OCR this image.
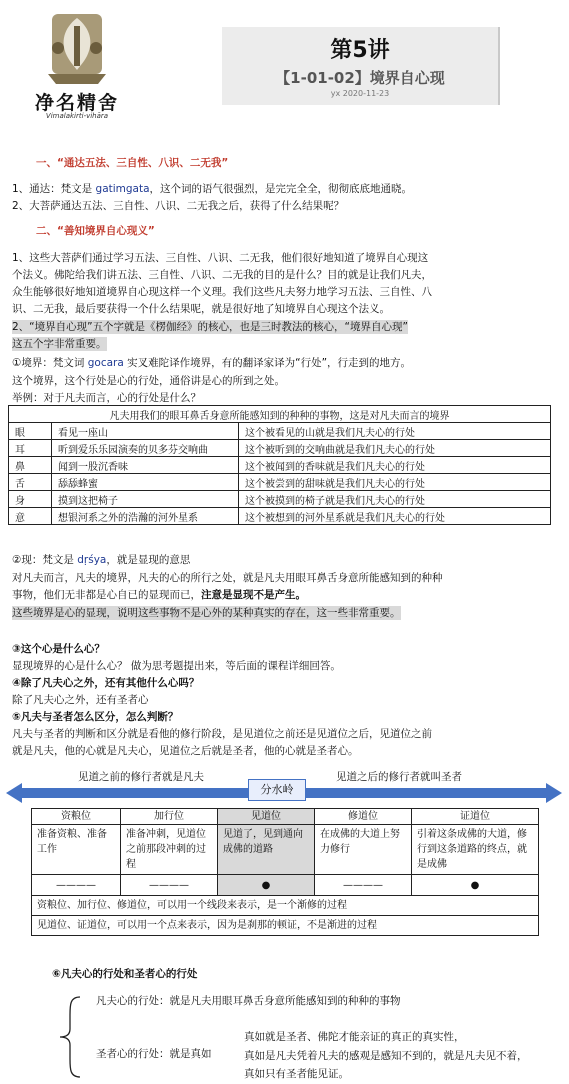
净名精舍
Vimalakirti-vihāra
第5讲
【1-01-02】境界自心现
yx 2020-11-23
一、“通达五法、三自性、八识、二无我”
1、通达：梵文是 gatimgata，这个词的语气很强烈，是完完全全，彻彻底底地通晓。
2、大菩萨通达五法、三自性、八识、二无我之后，获得了什么结果呢？
二、“善知境界自心现义”
1、这些大菩萨们通过学习五法、三自性、八识、二无我，他们很好地知道了境界自心现这
个法义。佛陀给我们讲五法、三自性、八识、二无我的目的是什么？目的就是让我们凡夫，
众生能够很好地知道境界自心现这样一个义理。我们这些凡夫努力地学习五法、三自性、八
识、二无我，最后要获得一个什么结果呢，就是很好地了知境界自心现这个法义。
2、“境界自心现”五个字就是《楞伽经》的核心，也是三时教法的核心，“境界自心现”
这五个字非常重要。
①境界：梵文词 gocara 实叉难陀译作境界，有的翻译家译为“行处”，行走到的地方。
这个境界，这个行处是心的行处，通俗讲是心的所到之处。
举例：对于凡夫而言，心的行处是什么？
凡夫用我们的眼耳鼻舌身意所能感知到的种种的事物，这是对凡夫而言的境界		
眼	看见一座山	这个被看见的山就是我们凡夫心的行处
耳	听到爱乐乐园演奏的贝多芬交响曲	这个被听到的交响曲就是我们凡夫心的行处
鼻	闻到一股沉香味	这个被闻到的香味就是我们凡夫心的行处
舌	舔舔蜂蜜	这个被尝到的甜味就是我们凡夫心的行处
身	摸到这把椅子	这个被摸到的椅子就是我们凡夫心的行处
意	想银河系之外的浩瀚的河外星系	这个被想到的河外星系就是我们凡夫心的行处
②现：梵文是 dṛśya，就是显现的意思
对凡夫而言，凡夫的境界，凡夫的心的所行之处，就是凡夫用眼耳鼻舌身意所能感知到的种种
事物，他们无非都是心自已的显现而已，注意是显现不是产生。
这些境界是心的显现，说明这些事物不是心外的某种真实的存在，这一些非常重要。
③这个心是什么心？
显现境界的心是什么心？ 做为思考题提出来，等后面的课程详细回答。
④除了凡夫心之外，还有其他什么心吗？
除了凡夫心之外，还有圣者心
⑤凡夫与圣者怎么区分，怎么判断？
凡夫与圣者的判断和区分就是看他的修行阶段，是见道位之前还是见道位之后，见道位之前
就是凡夫，他的心就是凡夫心，见道位之后就是圣者，他的心就是圣者心。
见道之前的修行者就是凡夫	见道之后的修行者就叫圣者
分水岭
资粮位	加行位	见道位	修道位	证道位
准备资粮、准备工作	准备冲刺，见道位之前那段冲刺的过程	见道了，见到通向成佛的道路	在成佛的大道上努力修行	引着这条成佛的大道，修行到这条道路的终点，就是成佛
————	————	●	————	●
资粮位、加行位、修道位，可以用一个线段来表示，是一个渐修的过程				
见道位、证道位，可以用一个点来表示，因为是刹那的顿证，不是渐进的过程				
⑥凡夫心的行处和圣者心的行处
凡夫心的行处：就是凡夫用眼耳鼻舌身意所能感知到的种种的事物
圣者心的行处：就是真如
真如就是圣者、佛陀才能亲证的真正的真实性，
真如是凡夫凭着凡夫的感观是感知不到的，就是凡夫见不着，
真如只有圣者能见证。
